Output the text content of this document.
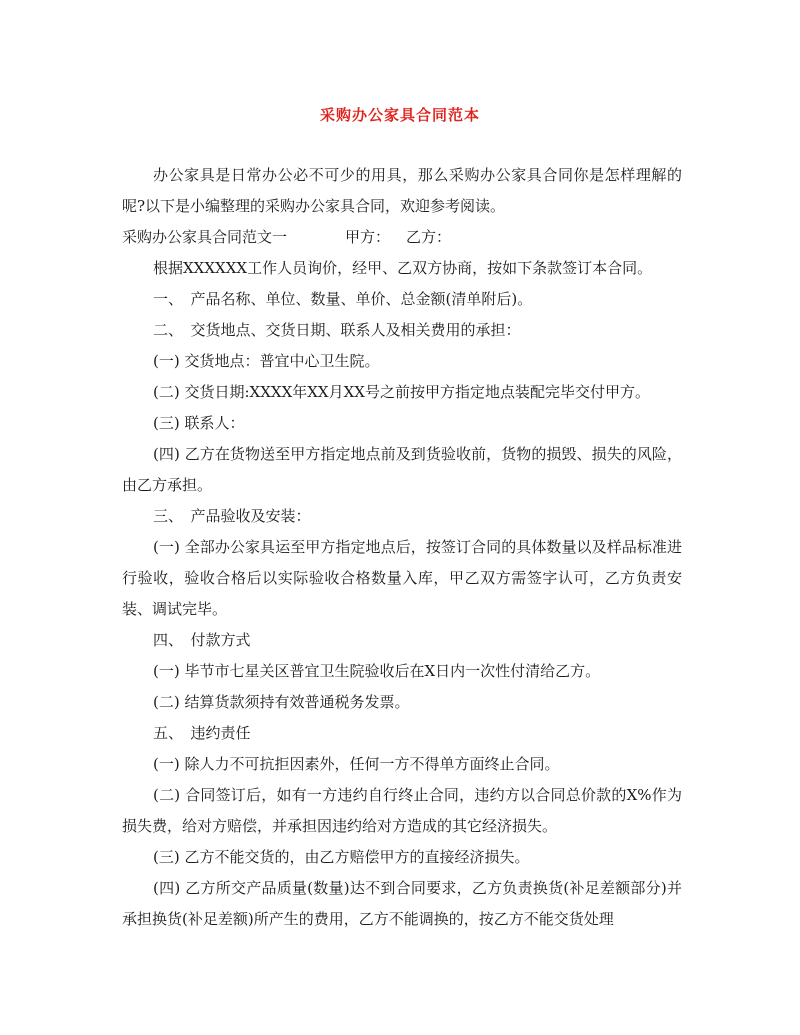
采购办公家具合同范本

办公家具是日常办公必不可少的用具，那么采购办公家具合同你是怎样理解的呢?以下是小编整理的采购办公家具合同，欢迎参考阅读。

采购办公家具合同范文一	甲方： 乙方：

根据XXXXXX工作人员询价，经甲、乙双方协商，按如下条款签订本合同。

一、　产品名称、单位、数量、单价、总金额(清单附后)。

二、　交货地点、交货日期、联系人及相关费用的承担：

(一) 交货地点：普宜中心卫生院。

(二) 交货日期:XXXX年XX月XX号之前按甲方指定地点装配完毕交付甲方。

(三) 联系人：

(四) 乙方在货物送至甲方指定地点前及到货验收前，货物的损毁、损失的风险，由乙方承担。

三、　产品验收及安装：

(一) 全部办公家具运至甲方指定地点后，按签订合同的具体数量以及样品标准进行验收，验收合格后以实际验收合格数量入库，甲乙双方需签字认可，乙方负责安装、调试完毕。

四、　付款方式

(一) 毕节市七星关区普宜卫生院验收后在X日内一次性付清给乙方。

(二) 结算货款须持有效普通税务发票。

五、　违约责任

(一) 除人力不可抗拒因素外，任何一方不得单方面终止合同。

(二) 合同签订后，如有一方违约自行终止合同，违约方以合同总价款的X%作为损失费，给对方赔偿，并承担因违约给对方造成的其它经济损失。

(三) 乙方不能交货的，由乙方赔偿甲方的直接经济损失。

(四) 乙方所交产品质量(数量)达不到合同要求，乙方负责换货(补足差额部分)并承担换货(补足差额)所产生的费用，乙方不能调换的，按乙方不能交货处理
